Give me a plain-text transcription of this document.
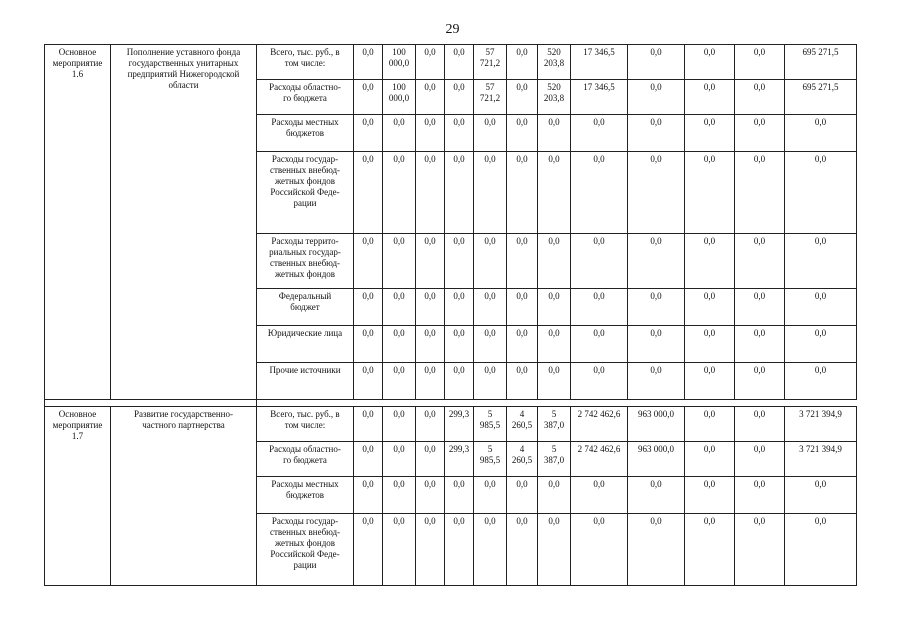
29
Основное
мероприятие
1.6	Пополнение уставного фонда
государственных унитарных
предприятий Нижегородской
области	Всего, тыс. руб., в
том числе:	0,0	100
000,0	0,0	0,0	57
721,2	0,0	520
203,8	17 346,5	0,0	0,0	0,0	695 271,5
		Расходы областно-
го бюджета	0,0	100
000,0	0,0	0,0	57
721,2	0,0	520
203,8	17 346,5	0,0	0,0	0,0	695 271,5
		Расходы местных
бюджетов	0,0	0,0	0,0	0,0	0,0	0,0	0,0	0,0	0,0	0,0	0,0	0,0
		Расходы государ-
ственных внебюд-
жетных фондов
Российской Феде-
рации	0,0	0,0	0,0	0,0	0,0	0,0	0,0	0,0	0,0	0,0	0,0	0,0
		Расходы террито-
риальных государ-
ственных внебюд-
жетных фондов	0,0	0,0	0,0	0,0	0,0	0,0	0,0	0,0	0,0	0,0	0,0	0,0
		Федеральный
бюджет	0,0	0,0	0,0	0,0	0,0	0,0	0,0	0,0	0,0	0,0	0,0	0,0
		Юридические лица	0,0	0,0	0,0	0,0	0,0	0,0	0,0	0,0	0,0	0,0	0,0	0,0
		Прочие источники	0,0	0,0	0,0	0,0	0,0	0,0	0,0	0,0	0,0	0,0	0,0	0,0

Основное
мероприятие
1.7	Развитие государственно-
частного партнерства	Всего, тыс. руб., в
том числе:	0,0	0,0	0,0	299,3	5
985,5	4
260,5	5
387,0	2 742 462,6	963 000,0	0,0	0,0	3 721 394,9
		Расходы областно-
го бюджета	0,0	0,0	0,0	299,3	5
985,5	4
260,5	5
387,0	2 742 462,6	963 000,0	0,0	0,0	3 721 394,9
		Расходы местных
бюджетов	0,0	0,0	0,0	0,0	0,0	0,0	0,0	0,0	0,0	0,0	0,0	0,0
		Расходы государ-
ственных внебюд-
жетных фондов
Российской Феде-
рации	0,0	0,0	0,0	0,0	0,0	0,0	0,0	0,0	0,0	0,0	0,0	0,0
